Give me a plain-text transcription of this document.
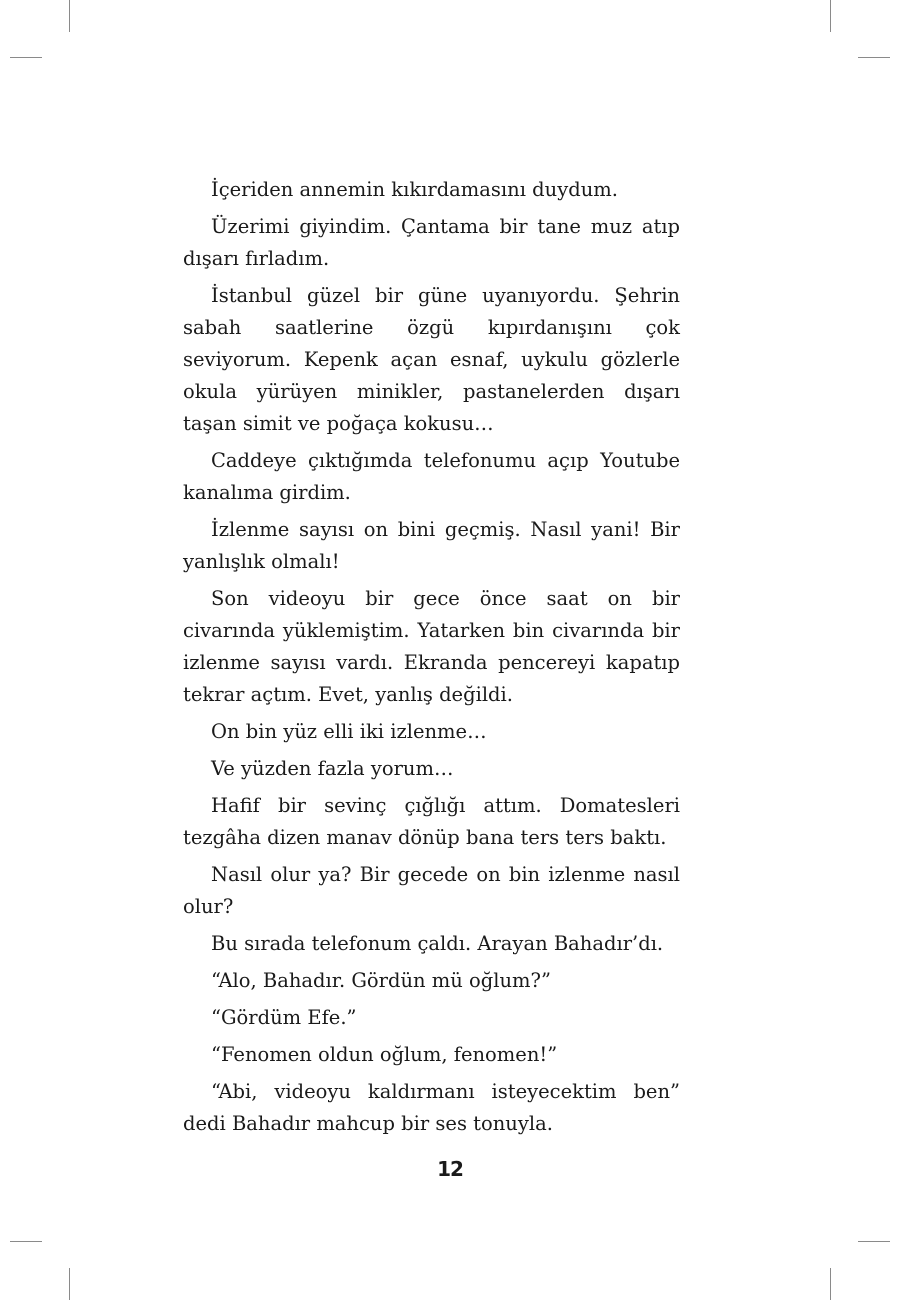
İçeriden annemin kıkırdamasını duydum.

Üzerimi giyindim. Çantama bir tane muz atıp dışarı fırladım.

İstanbul güzel bir güne uyanıyordu. Şehrin sabah saatlerine özgü kıpırdanışını çok seviyorum. Kepenk açan esnaf, uykulu gözlerle okula yürüyen minikler, pastanelerden dışarı taşan simit ve poğaça kokusu…

Caddeye çıktığımda telefonumu açıp Youtube kanalıma girdim.

İzlenme sayısı on bini geçmiş. Nasıl yani! Bir yanlışlık olmalı!

Son videoyu bir gece önce saat on bir civarında yüklemiştim. Yatarken bin civarında bir izlenme sayısı vardı. Ekranda pencereyi kapatıp tekrar açtım. Evet, yanlış değildi.

On bin yüz elli iki izlenme…

Ve yüzden fazla yorum…

Hafif bir sevinç çığlığı attım. Domatesleri tezgâha dizen manav dönüp bana ters ters baktı.

Nasıl olur ya? Bir gecede on bin izlenme nasıl olur?

Bu sırada telefonum çaldı. Arayan Bahadır’dı.

“Alo, Bahadır. Gördün mü oğlum?”

“Gördüm Efe.”

“Fenomen oldun oğlum, fenomen!”

“Abi, videoyu kaldırmanı isteyecektim ben” dedi Bahadır mahcup bir ses tonuyla.

12
